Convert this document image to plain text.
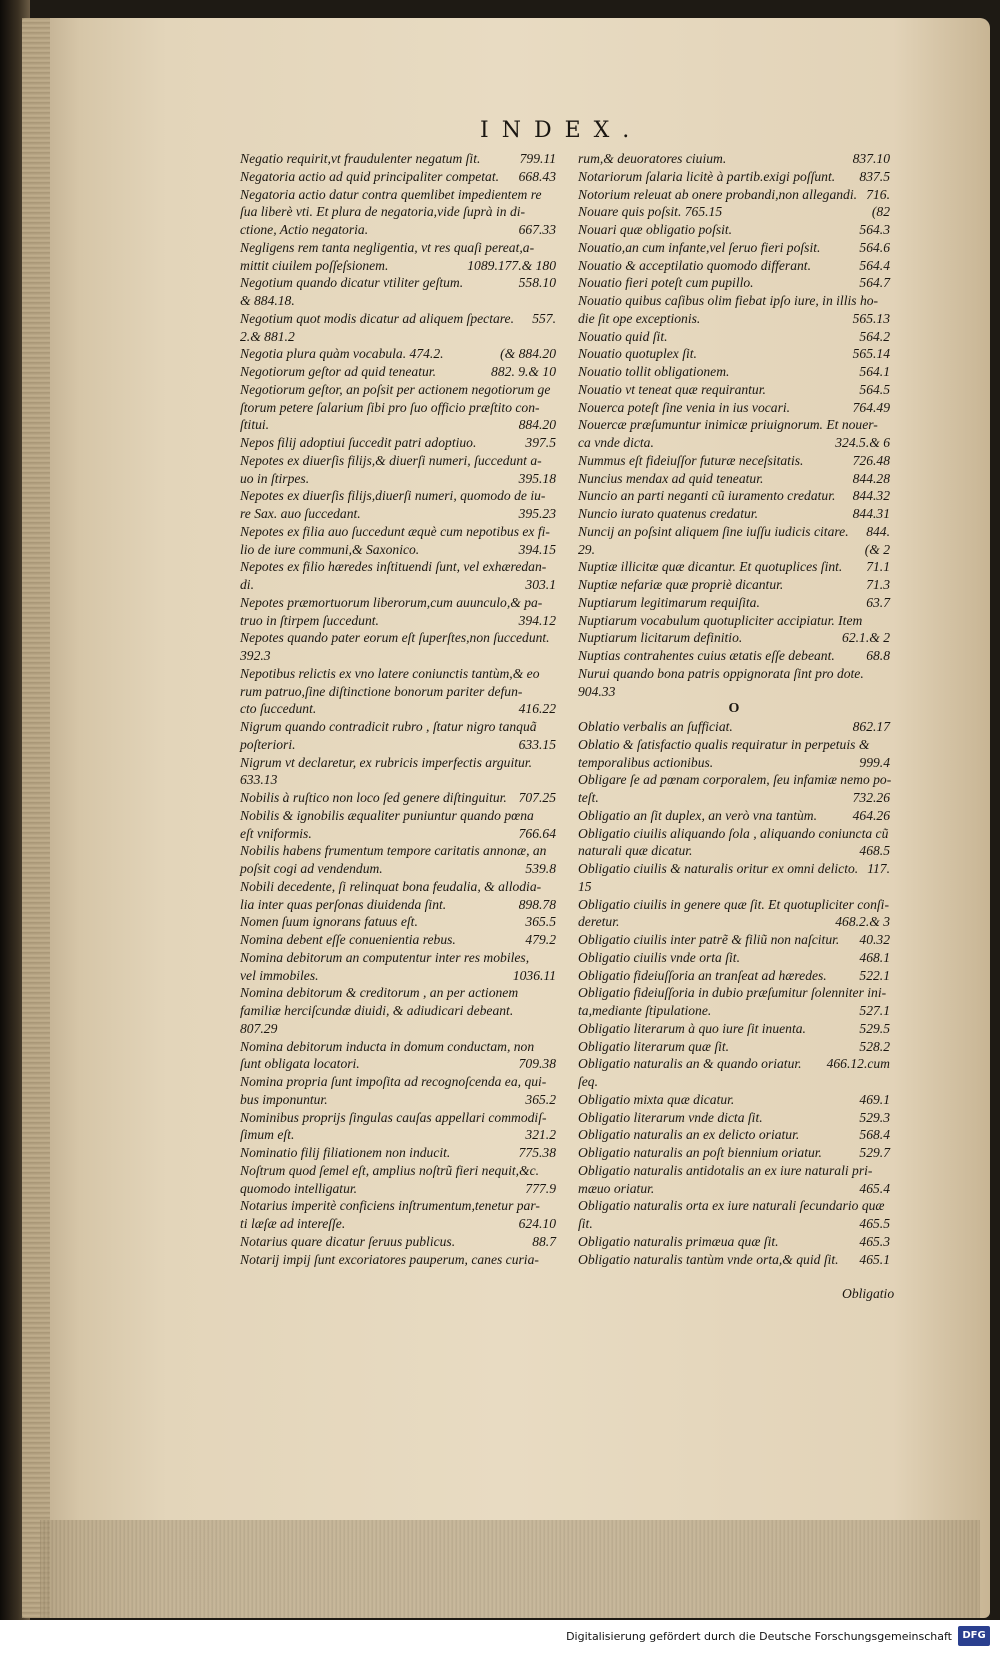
INDEX.
Negatio requirit,vt fraudulenter negatum ſit.	799.11
Negatoria actio ad quid principaliter competat. 668.43
Negatoria actio datur contra quemlibet impedientem re
ſua liberè vti. Et plura de negatoria,vide ſuprà in di-
ctione, Actio negatoria.	667.33
Negligens rem tanta negligentia, vt res quaſi pereat,a-
mittit ciuilem poſſeſsionem.	1089.177.& 180
Negotium quando dicatur vtiliter geſtum.	558.10
& 884.18.
Negotium quot modis dicatur ad aliquem ſpectare. 557.
2.& 881.2
Negotia plura quàm vocabula. 474.2.	(& 884.20
Negotiorum geſtor ad quid teneatur.	882. 9.& 10
Negotiorum geſtor, an poſsit per actionem negotiorum ge
ſtorum petere ſalarium ſibi pro ſuo officio præſtito con-
ſtitui.	884.20
Nepos filij adoptiui ſuccedit patri adoptiuo.	397.5
Nepotes ex diuerſis filijs,& diuerſi numeri, ſuccedunt a-
uo in ſtirpes.	395.18
Nepotes ex diuerſis filijs,diuerſi numeri, quomodo de iu-
re Sax. auo ſuccedant.	395.23
Nepotes ex filia auo ſuccedunt æquè cum nepotibus ex fi-
lio de iure communi,& Saxonico.	394.15
Nepotes ex filio hæredes inſtituendi ſunt, vel exhæredan-
di.	303.1
Nepotes præmortuorum liberorum,cum auunculo,& pa-
truo in ſtirpem ſuccedunt.	394.12
Nepotes quando pater eorum eſt ſuperſtes,non ſuccedunt.
392.3
Nepotibus relictis ex vno latere coniunctis tantùm,& eo
rum patruo,ſine diſtinctione bonorum pariter defun-
cto ſuccedunt.	416.22
Nigrum quando contradicit rubro , ſtatur nigro tanquã
poſteriori.	633.15
Nigrum vt declaretur, ex rubricis imperfectis arguitur.
633.13
Nobilis à ruſtico non loco ſed genere diſtinguitur. 707.25
Nobilis & ignobilis æqualiter puniuntur quando pœna
eſt vniformis.	766.64
Nobilis habens frumentum tempore caritatis annonæ, an
poſsit cogi ad vendendum.	539.8
Nobili decedente, ſi relinquat bona feudalia, & allodia-
lia inter quas perſonas diuidenda ſint.	898.78
Nomen ſuum ignorans fatuus eſt.	365.5
Nomina debent eſſe conuenientia rebus.	479.2
Nomina debitorum an computentur inter res mobiles,
vel immobiles.	1036.11
Nomina debitorum & creditorum , an per actionem
familiæ herciſcundæ diuidi, & adiudicari debeant.
807.29
Nomina debitorum inducta in domum conductam, non
ſunt obligata locatori.	709.38
Nomina propria ſunt impoſita ad recognoſcenda ea, qui-
bus imponuntur.	365.2
Nominibus proprijs ſingulas cauſas appellari commodiſ-
ſimum eſt.	321.2
Nominatio filij filiationem non inducit.	775.38
Noſtrum quod ſemel eſt, amplius noſtrũ fieri nequit,&c.
quomodo intelligatur.	777.9
Notarius imperitè conficiens inſtrumentum,tenetur par-
ti læſæ ad intereſſe.	624.10
Notarius quare dicatur ſeruus publicus.	88.7
Notarij impij ſunt excoriatores pauperum, canes curia-
rum,& deuoratores ciuium.	837.10
Notariorum ſalaria licitè à partib.exigi poſſunt. 837.5
Notorium releuat ab onere probandi,non allegandi. 716.
Nouare quis poſsit. 765.15	(82
Nouari quæ obligatio poſsit.	564.3
Nouatio,an cum infante,vel ſeruo fieri poſsit.	564.6
Nouatio & acceptilatio quomodo differant.	564.4
Nouatio fieri poteſt cum pupillo.	564.7
Nouatio quibus caſibus olim fiebat ipſo iure, in illis ho-
die ſit ope exceptionis.	565.13
Nouatio quid ſit.	564.2
Nouatio quotuplex ſit.	565.14
Nouatio tollit obligationem.	564.1
Nouatio vt teneat quæ requirantur.	564.5
Nouerca poteſt ſine venia in ius vocari.	764.49
Nouercæ præſumuntur inimicæ priuignorum. Et nouer-
ca vnde dicta.	324.5.& 6
Nummus eſt fideiuſſor futuræ neceſsitatis.	726.48
Nuncius mendax ad quid teneatur.	844.28
Nuncio an parti neganti cũ iuramento credatur. 844.32
Nuncio iurato quatenus credatur.	844.31
Nuncij an poſsint aliquem ſine iuſſu iudicis citare. 844.
29.	(& 2
Nuptiæ illicitæ quæ dicantur. Et quotuplices ſint. 71.1
Nuptiæ nefariæ quæ propriè dicantur.	71.3
Nuptiarum legitimarum requiſita.	63.7
Nuptiarum vocabulum quotupliciter accipiatur. Item
Nuptiarum licitarum definitio.	62.1.& 2
Nuptias contrahentes cuius ætatis eſſe debeant. 68.8
Nurui quando bona patris oppignorata ſint pro dote.
904.33
O
Oblatio verbalis an ſufficiat.	862.17
Oblatio & ſatisfactio qualis requiratur in perpetuis &
temporalibus actionibus.	999.4
Obligare ſe ad pœnam corporalem, ſeu infamiæ nemo po-
teſt.	732.26
Obligatio an ſit duplex, an verò vna tantùm.	464.26
Obligatio ciuilis aliquando ſola , aliquando coniuncta cũ
naturali quæ dicatur.	468.5
Obligatio ciuilis & naturalis oritur ex omni delicto. 117.
15
Obligatio ciuilis in genere quæ ſit. Et quotupliciter conſi-
deretur.	468.2.& 3
Obligatio ciuilis inter patrẽ & filiũ non naſcitur. 40.32
Obligatio ciuilis vnde orta ſit.	468.1
Obligatio fideiuſſoria an tranſeat ad hæredes. 522.1
Obligatio fideiuſſoria in dubio præſumitur ſolenniter ini-
ta,mediante ſtipulatione.	527.1
Obligatio literarum à quo iure ſit inuenta.	529.5
Obligatio literarum quæ ſit.	528.2
Obligatio naturalis an & quando oriatur. 466.12.cum
ſeq.
Obligatio mixta quæ dicatur.	469.1
Obligatio literarum vnde dicta ſit.	529.3
Obligatio naturalis an ex delicto oriatur.	568.4
Obligatio naturalis an poſt biennium oriatur.	529.7
Obligatio naturalis antidotalis an ex iure naturali pri-
mæuo oriatur.	465.4
Obligatio naturalis orta ex iure naturali ſecundario quæ
ſit.	465.5
Obligatio naturalis primæua quæ ſit.	465.3
Obligatio naturalis tantùm vnde orta,& quid ſit. 465.1
Obligatio
Digitalisierung gefördert durch die Deutsche Forschungsgemeinschaft	DFG
